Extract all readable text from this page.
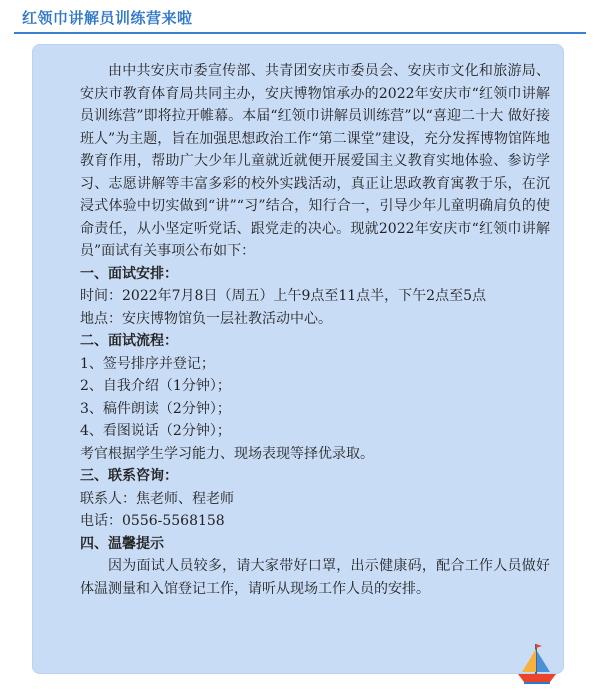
红领巾讲解员训练营来啦

由中共安庆市委宣传部、共青团安庆市委员会、安庆市文化和旅游局、安庆市教育体育局共同主办，安庆博物馆承办的2022年安庆市“红领巾讲解员训练营”即将拉开帷幕。本届“红领巾讲解员训练营”以“喜迎二十大 做好接班人”为主题，旨在加强思想政治工作“第二课堂”建设，充分发挥博物馆阵地教育作用，帮助广大少年儿童就近就便开展爱国主义教育实地体验、参访学习、志愿讲解等丰富多彩的校外实践活动，真正让思政教育寓教于乐，在沉浸式体验中切实做到“讲”“习”结合，知行合一，引导少年儿童明确肩负的使命责任，从小坚定听党话、跟党走的决心。现就2022年安庆市“红领巾讲解员”面试有关事项公布如下：

一、面试安排：

时间：2022年7月8日（周五）上午9点至11点半，下午2点至5点

地点：安庆博物馆负一层社教活动中心。

二、面试流程：

1、签号排序并登记；

2、自我介绍（1分钟）；

3、稿件朗读（2分钟）；

4、看图说话（2分钟）；

考官根据学生学习能力、现场表现等择优录取。

三、联系咨询：

联系人：焦老师、程老师

电话：0556-5568158

四、温馨提示

因为面试人员较多，请大家带好口罩，出示健康码，配合工作人员做好体温测量和入馆登记工作，请听从现场工作人员的安排。
